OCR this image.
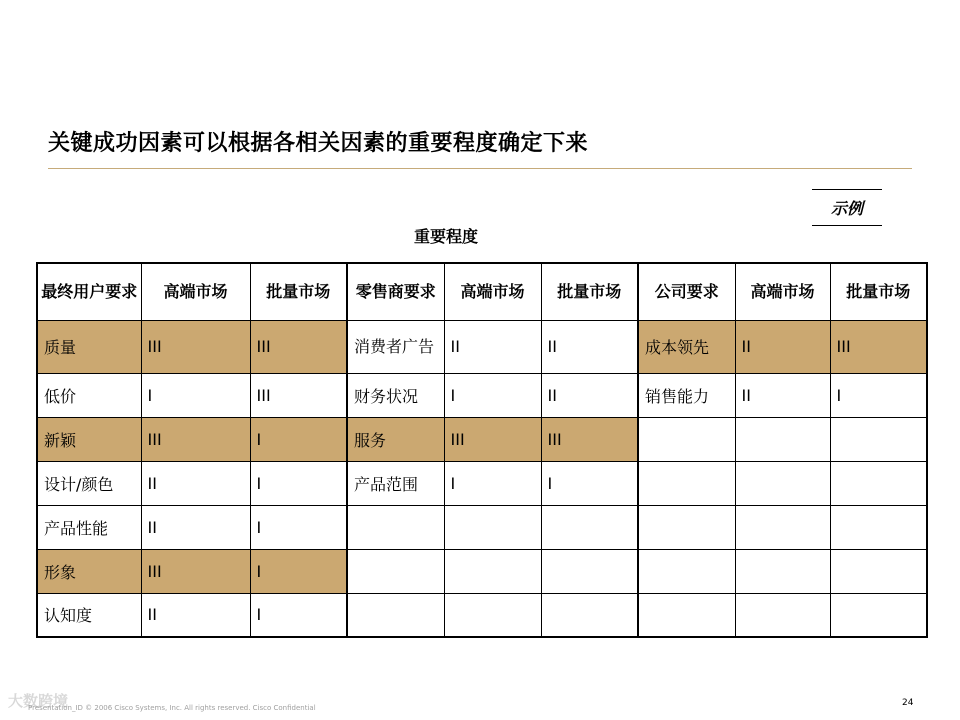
关键成功因素可以根据各相关因素的重要程度确定下来
示例
重要程度
最终用户要求	高端市场	批量市场	零售商要求	高端市场	批量市场	公司要求	高端市场	批量市场
质量	III	III	消费者广告	II	II	成本领先	II	III
低价	I	III	财务状况	I	II	销售能力	II	I
新颖	III	I	服务	III	III			
设计/颜色	II	I	产品范围	I	I			
产品性能	II	I						
形象	III	I						
认知度	II	I						
大数跨境
Presentation_ID © 2006 Cisco Systems, Inc. All rights reserved. Cisco Confidential	24
